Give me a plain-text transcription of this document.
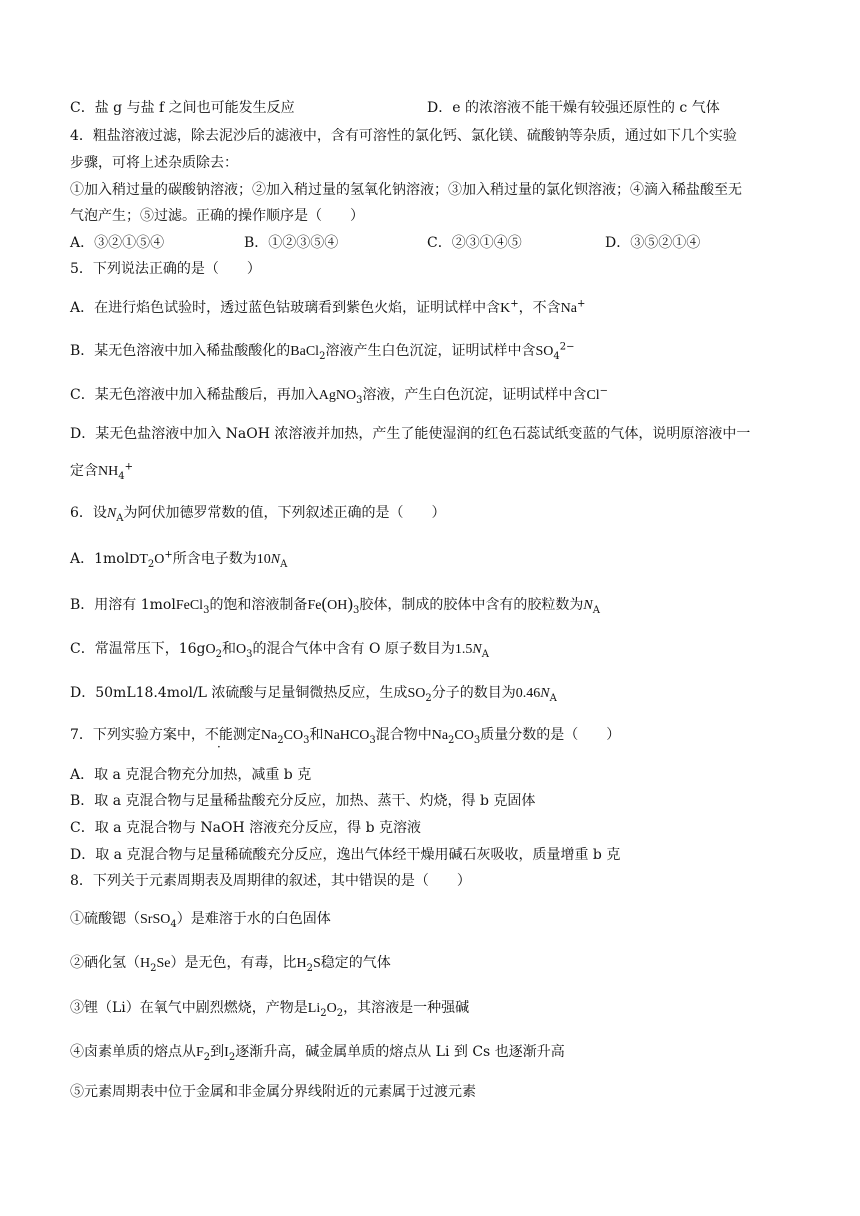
C．盐 g 与盐 f 之间也可能发生反应	D．e 的浓溶液不能干燥有较强还原性的 c 气体
4．粗盐溶液过滤，除去泥沙后的滤液中，含有可溶性的氯化钙、氯化镁、硫酸钠等杂质，通过如下几个实验
步骤，可将上述杂质除去：
①加入稍过量的碳酸钠溶液；②加入稍过量的氢氧化钠溶液；③加入稍过量的氯化钡溶液；④滴入稀盐酸至无
气泡产生；⑤过滤。正确的操作顺序是（　　）
A．③②①⑤④	B．①②③⑤④	C．②③①④⑤	D．③⑤②①④
5．下列说法正确的是（　　）
A．在进行焰色试验时，透过蓝色钴玻璃看到紫色火焰，证明试样中含K+，不含Na+
B．某无色溶液中加入稀盐酸酸化的BaCl$_2$溶液产生白色沉淀，证明试样中含$SO_4^{2-}$
C．某无色溶液中加入稀盐酸后，再加入AgNO$_3$溶液，产生白色沉淀，证明试样中含Cl−
D．某无色盐溶液中加入 NaOH 浓溶液并加热，产生了能使湿润的红色石蕊试纸变蓝的气体，说明原溶液中一
定含$NH_4^+$
6．设$N_A$为阿伏加德罗常数的值，下列叙述正确的是（　　）
A．1molDT$_2$O+所含电子数为$10N_A$
B．用溶有 1molFeCl$_3$的饱和溶液制备$Fe(OH)_3$胶体，制成的胶体中含有的胶粒数为$N_A$
C．常温常压下，$16gO_2$和$O_3$的混合气体中含有 O 原子数目为$1.5N_A$
D．50mL18.4mol/L 浓硫酸与足量铜微热反应，生成$SO_2$分子的数目为$0.46N_A$
7．下列实验方案中，不能测定$Na_2CO_3$和NaHCO$_3$混合物中$Na_2CO_3$质量分数的是（　　）
A．取 a 克混合物充分加热，减重 b 克
B．取 a 克混合物与足量稀盐酸充分反应，加热、蒸干、灼烧，得 b 克固体
C．取 a 克混合物与 NaOH 溶液充分反应，得 b 克溶液
D．取 a 克混合物与足量稀硫酸充分反应，逸出气体经干燥用碱石灰吸收，质量增重 b 克
8．下列关于元素周期表及周期律的叙述，其中错误的是（　　）
①硫酸锶（SrSO$_4$）是难溶于水的白色固体
②硒化氢$(H_2Se)$是无色，有毒，比$H_2S$稳定的气体
③锂（Li）在氧气中剧烈燃烧，产物是$Li_2O_2$，其溶液是一种强碱
④卤素单质的熔点从$F_2$到$I_2$逐渐升高，碱金属单质的熔点从 Li 到 Cs 也逐渐升高
⑤元素周期表中位于金属和非金属分界线附近的元素属于过渡元素
